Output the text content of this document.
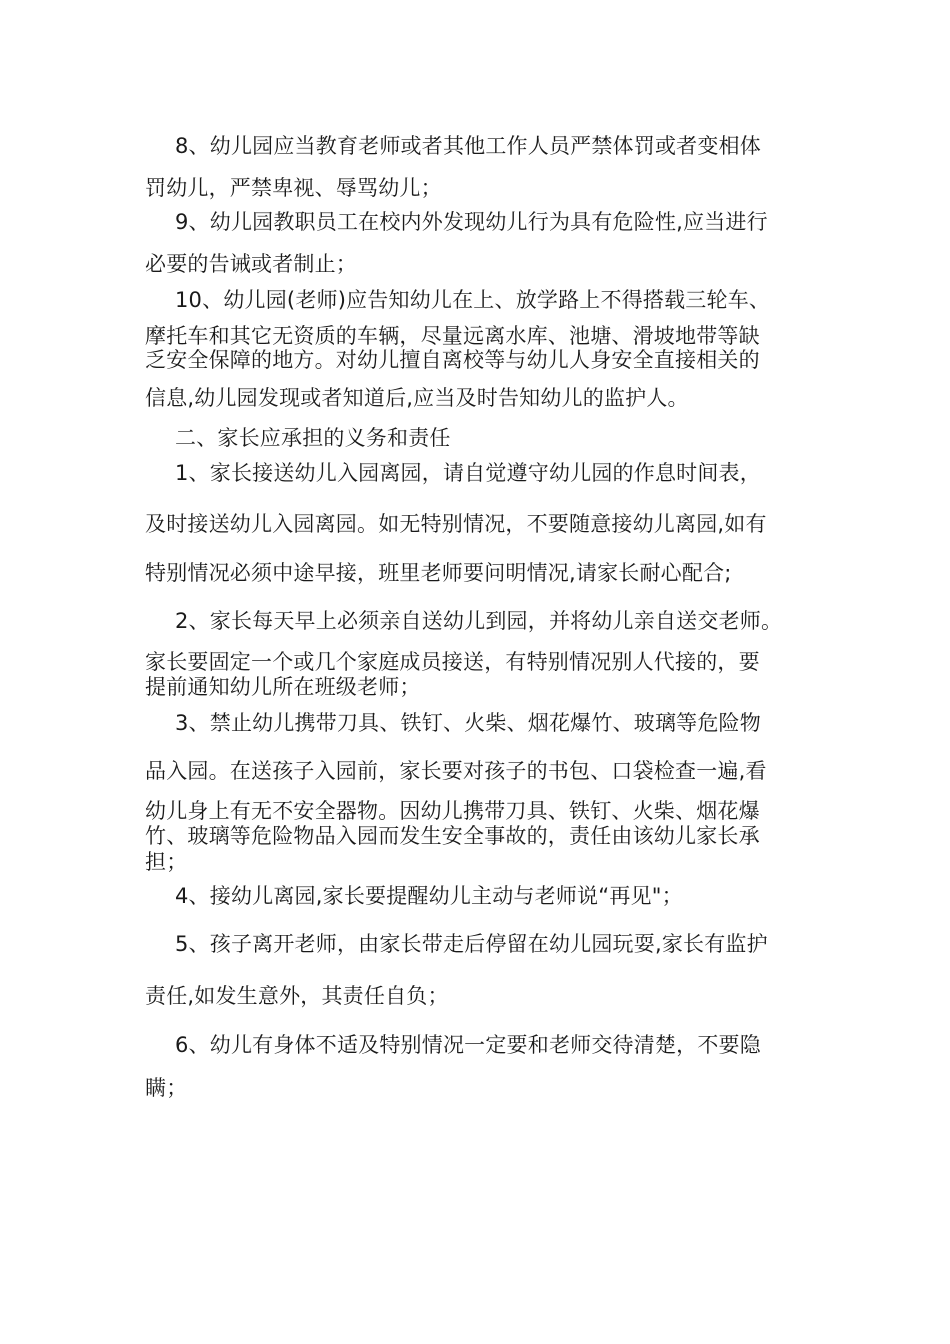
8、幼儿园应当教育老师或者其他工作人员严禁体罚或者变相体
罚幼儿，严禁卑视、辱骂幼儿；
9、幼儿园教职员工在校内外发现幼儿行为具有危险性,应当进行
必要的告诫或者制止；
10、幼儿园(老师)应告知幼儿在上、放学路上不得搭载三轮车、
摩托车和其它无资质的车辆，尽量远离水库、池塘、滑坡地带等缺
乏安全保障的地方。对幼儿擅自离校等与幼儿人身安全直接相关的
信息,幼儿园发现或者知道后,应当及时告知幼儿的监护人。
二、家长应承担的义务和责任
1、家长接送幼儿入园离园，请自觉遵守幼儿园的作息时间表，
及时接送幼儿入园离园。如无特别情况，不要随意接幼儿离园,如有
特别情况必须中途早接，班里老师要问明情况,请家长耐心配合;
2、家长每天早上必须亲自送幼儿到园，并将幼儿亲自送交老师。
家长要固定一个或几个家庭成员接送，有特别情况别人代接的，要
提前通知幼儿所在班级老师；
3、禁止幼儿携带刀具、铁钉、火柴、烟花爆竹、玻璃等危险物
品入园。在送孩子入园前，家长要对孩子的书包、口袋检查一遍,看
幼儿身上有无不安全器物。因幼儿携带刀具、铁钉、火柴、烟花爆
竹、玻璃等危险物品入园而发生安全事故的，责任由该幼儿家长承
担；
4、接幼儿离园,家长要提醒幼儿主动与老师说“再见"；
5、孩子离开老师，由家长带走后停留在幼儿园玩耍,家长有监护
责任,如发生意外，其责任自负；
6、幼儿有身体不适及特别情况一定要和老师交待清楚，不要隐
瞒；
